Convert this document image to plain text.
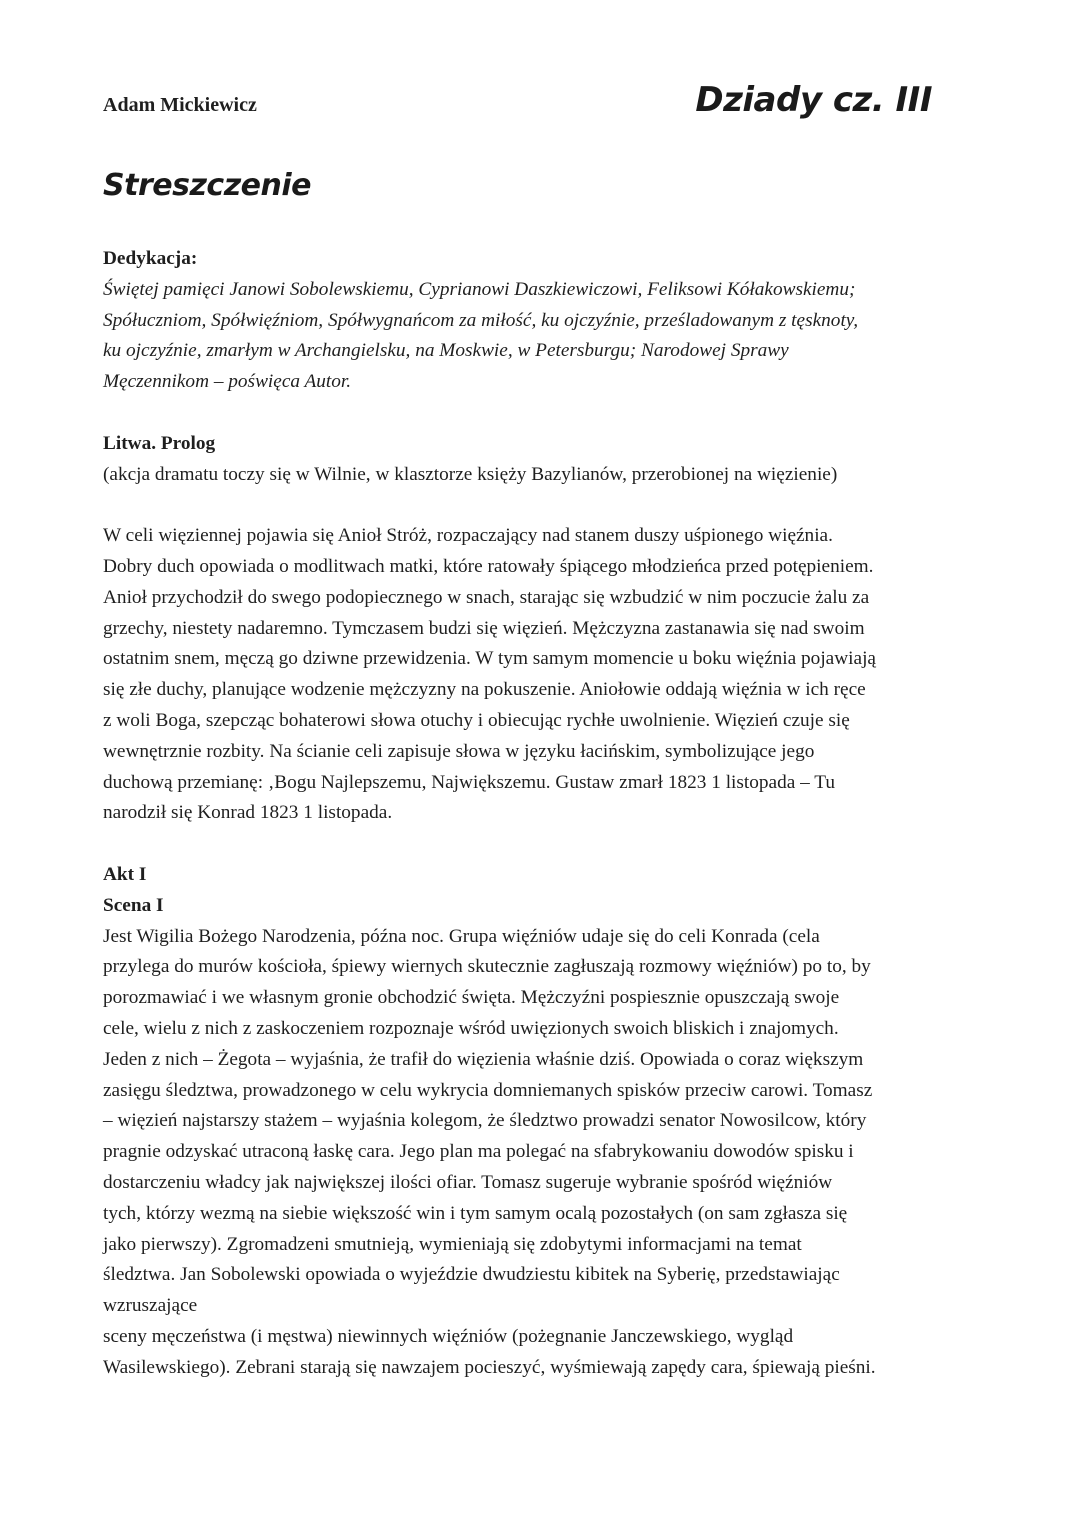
Adam Mickiewicz	Dziady cz. III
Streszczenie

Dedykacja:

Świętej pamięci Janowi Sobolewskiemu, Cyprianowi Daszkiewiczowi, Feliksowi Kółakowskiemu;

Spółuczniom, Spółwięźniom, Spółwygnańcom za miłość, ku ojczyźnie, prześladowanym z tęsknoty,

ku ojczyźnie, zmarłym w Archangielsku, na Moskwie, w Petersburgu; Narodowej Sprawy

Męczennikom – poświęca Autor.

Litwa. Prolog

(akcja dramatu toczy się w Wilnie, w klasztorze księży Bazylianów, przerobionej na więzienie)

W celi więziennej pojawia się Anioł Stróż, rozpaczający nad stanem duszy uśpionego więźnia.

Dobry duch opowiada o modlitwach matki, które ratowały śpiącego młodzieńca przed potępieniem.

Anioł przychodził do swego podopiecznego w snach, starając się wzbudzić w nim poczucie żalu za

grzechy, niestety nadaremno. Tymczasem budzi się więzień. Mężczyzna zastanawia się nad swoim

ostatnim snem, męczą go dziwne przewidzenia. W tym samym momencie u boku więźnia pojawiają

się złe duchy, planujące wodzenie mężczyzny na pokuszenie. Aniołowie oddają więźnia w ich ręce

z woli Boga, szepcząc bohaterowi słowa otuchy i obiecując rychłe uwolnienie. Więzień czuje się

wewnętrznie rozbity. Na ścianie celi zapisuje słowa w języku łacińskim, symbolizujące jego

duchową przemianę: ‚Bogu Najlepszemu, Największemu. Gustaw zmarł 1823 1 listopada – Tu

narodził się Konrad 1823 1 listopada.

Akt I

Scena I

Jest Wigilia Bożego Narodzenia, późna noc. Grupa więźniów udaje się do celi Konrada (cela

przylega do murów kościoła, śpiewy wiernych skutecznie zagłuszają rozmowy więźniów) po to, by

porozmawiać i we własnym gronie obchodzić święta. Mężczyźni pospiesznie opuszczają swoje

cele, wielu z nich z zaskoczeniem rozpoznaje wśród uwięzionych swoich bliskich i znajomych.

Jeden z nich – Żegota – wyjaśnia, że trafił do więzienia właśnie dziś. Opowiada o coraz większym

zasięgu śledztwa, prowadzonego w celu wykrycia domniemanych spisków przeciw carowi. Tomasz

– więzień najstarszy stażem – wyjaśnia kolegom, że śledztwo prowadzi senator Nowosilcow, który

pragnie odzyskać utraconą łaskę cara. Jego plan ma polegać na sfabrykowaniu dowodów spisku i

dostarczeniu władcy jak największej ilości ofiar. Tomasz sugeruje wybranie spośród więźniów

tych, którzy wezmą na siebie większość win i tym samym ocalą pozostałych (on sam zgłasza się

jako pierwszy). Zgromadzeni smutnieją, wymieniają się zdobytymi informacjami na temat

śledztwa. Jan Sobolewski opowiada o wyjeździe dwudziestu kibitek na Syberię, przedstawiając

wzruszające

sceny męczeństwa (i męstwa) niewinnych więźniów (pożegnanie Janczewskiego, wygląd

Wasilewskiego). Zebrani starają się nawzajem pocieszyć, wyśmiewają zapędy cara, śpiewają pieśni.
